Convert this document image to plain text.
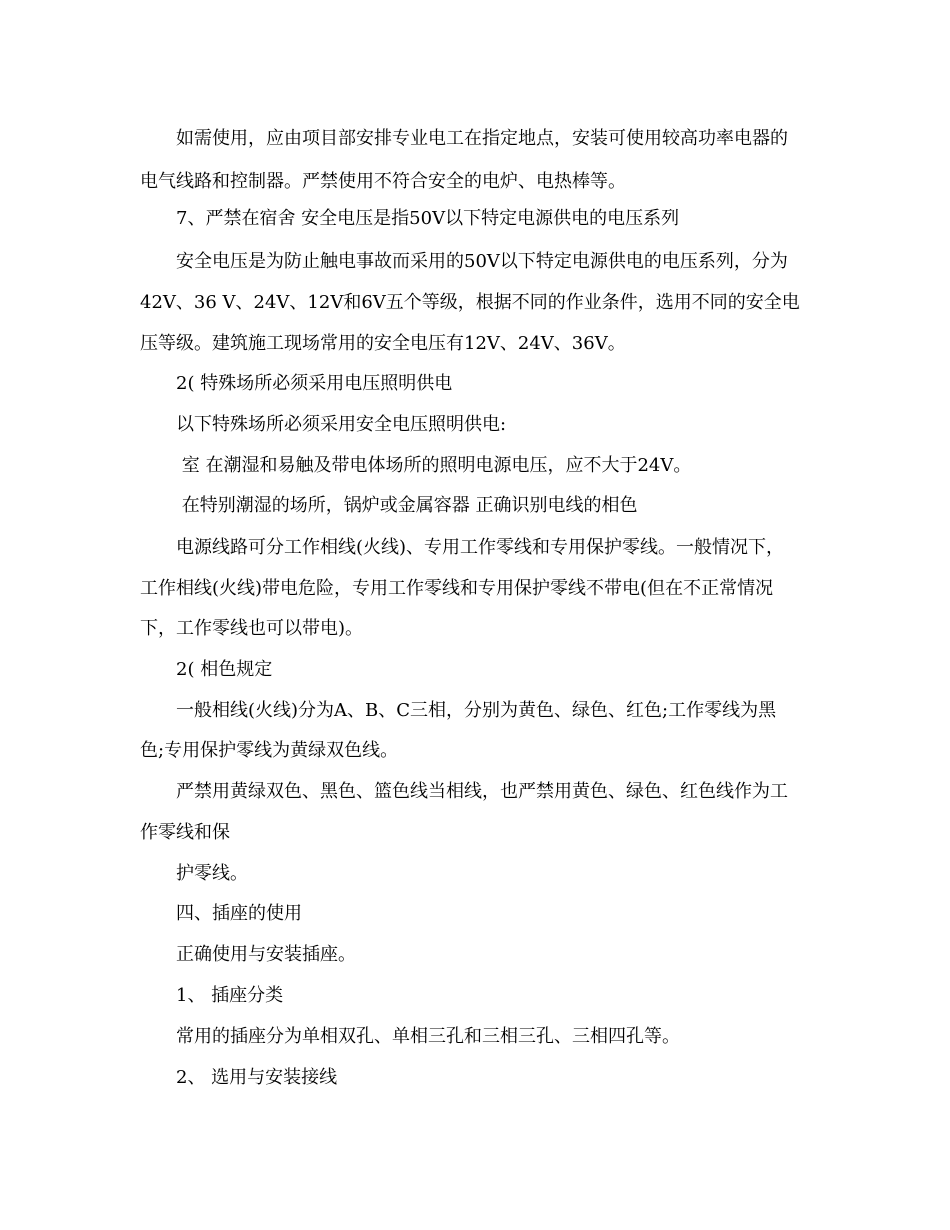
　　如需使用，应由项目部安排专业电工在指定地点，安装可使用较高功率电器的
电气线路和控制器。严禁使用不符合安全的电炉、电热棒等。
　　7、严禁在宿舍 安全电压是指50V以下特定电源供电的电压系列
　　安全电压是为防止触电事故而采用的50V以下特定电源供电的电压系列，分为
42V、36 V、24V、12V和6V五个等级，根据不同的作业条件，选用不同的安全电
压等级。建筑施工现场常用的安全电压有12V、24V、36V。
　　2( 特殊场所必须采用电压照明供电
　　以下特殊场所必须采用安全电压照明供电:
　　 室 在潮湿和易触及带电体场所的照明电源电压，应不大于24V。
　　 在特别潮湿的场所，锅炉或金属容器 正确识别电线的相色
　　电源线路可分工作相线(火线)、专用工作零线和专用保护零线。一般情况下，
工作相线(火线)带电危险，专用工作零线和专用保护零线不带电(但在不正常情况
下，工作零线也可以带电)。
　　2( 相色规定
　　一般相线(火线)分为A、B、C三相，分别为黄色、绿色、红色;工作零线为黑
色;专用保护零线为黄绿双色线。
　　严禁用黄绿双色、黑色、篮色线当相线，也严禁用黄色、绿色、红色线作为工
作零线和保
　　护零线。
　　四、插座的使用
　　正确使用与安装插座。
　　1、 插座分类
　　常用的插座分为单相双孔、单相三孔和三相三孔、三相四孔等。
　　2、 选用与安装接线
